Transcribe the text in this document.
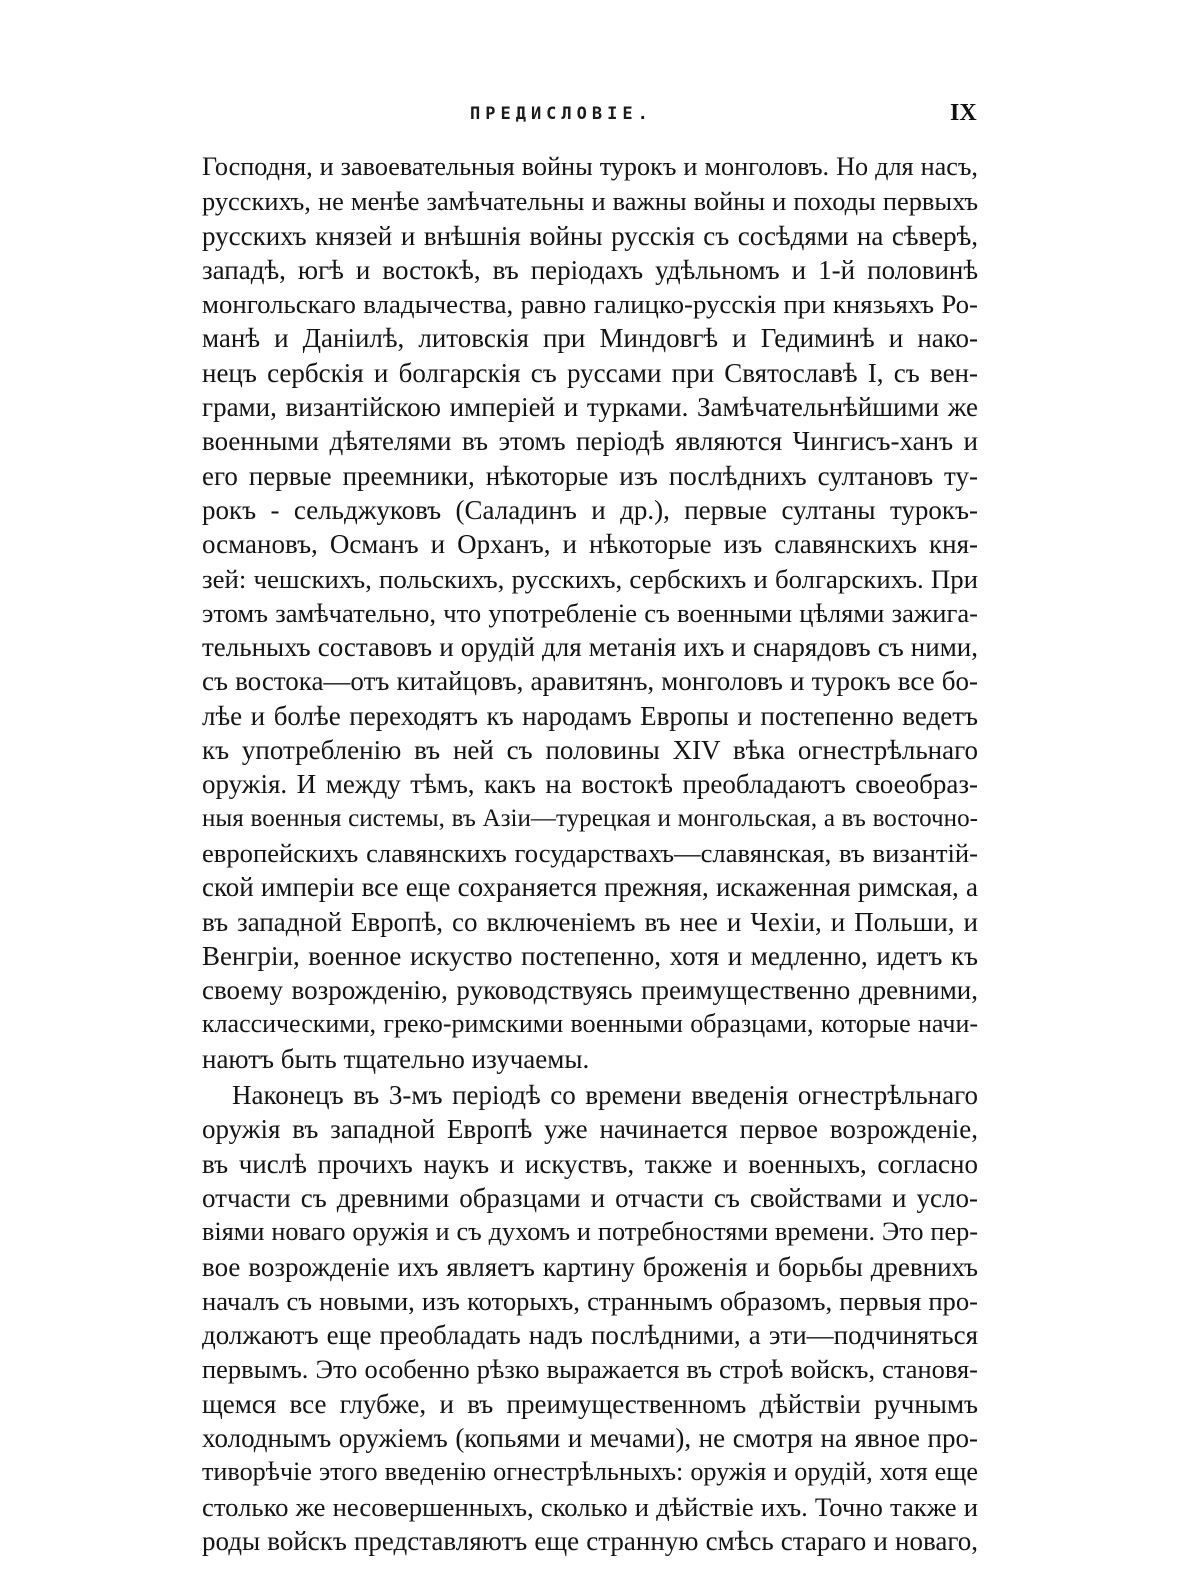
ПРЕДИСЛОВІЕ.	IX
Господня, и завоевательныя войны турокъ и монголовъ. Но для насъ,
русскихъ, не менѣе замѣчательны и важны войны и походы первыхъ
русскихъ князей и внѣшнія войны русскія съ сосѣдями на сѣверѣ,
западѣ, югѣ и востокѣ, въ періодахъ удѣльномъ и 1-й половинѣ
монгольскаго владычества, равно галицко-русскія при князьяхъ Ро-
манѣ и Даніилѣ, литовскія при Миндовгѣ и Гедиминѣ и нако-
нецъ сербскія и болгарскія съ руссами при Святославѣ I, съ вен-
грами, византійскою имперіей и турками. Замѣчательнѣйшими же
военными дѣятелями въ этомъ періодѣ являются Чингисъ-ханъ и
его первые преемники, нѣкоторые изъ послѣднихъ султановъ ту-
рокъ - сельджуковъ (Саладинъ и др.), первые султаны турокъ-
османовъ, Османъ и Орханъ, и нѣкоторые изъ славянскихъ кня-
зей: чешскихъ, польскихъ, русскихъ, сербскихъ и болгарскихъ. При
этомъ замѣчательно, что употребленіе съ военными цѣлями зажига-
тельныхъ составовъ и орудій для метанія ихъ и снарядовъ съ ними,
съ востока—отъ китайцовъ, аравитянъ, монголовъ и турокъ все бо-
лѣе и болѣе переходятъ къ народамъ Европы и постепенно ведетъ
къ употребленію въ ней съ половины XIV вѣка огнестрѣльнаго
оружія. И между тѣмъ, какъ на востокѣ преобладаютъ своеобраз-
ныя военныя системы, въ Азіи—турецкая и монгольская, а въ восточно-
европейскихъ славянскихъ государствахъ—славянская, въ византій-
ской имперіи все еще сохраняется прежняя, искаженная римская, а
въ западной Европѣ, со включеніемъ въ нее и Чехіи, и Польши, и
Венгріи, военное искуство постепенно, хотя и медленно, идетъ къ
своему возрожденію, руководствуясь преимущественно древними,
классическими, греко-римскими военными образцами, которые начи-
наютъ быть тщательно изучаемы.
Наконецъ въ 3-мъ періодѣ со времени введенія огнестрѣльнаго
оружія въ западной Европѣ уже начинается первое возрожденіе,
въ числѣ прочихъ наукъ и искуствъ, также и военныхъ, согласно
отчасти съ древними образцами и отчасти съ свойствами и усло-
віями новаго оружія и съ духомъ и потребностями времени. Это пер-
вое возрожденіе ихъ являетъ картину броженія и борьбы древнихъ
началъ съ новыми, изъ которыхъ, страннымъ образомъ, первыя про-
должаютъ еще преобладать надъ послѣдними, а эти—подчиняться
первымъ. Это особенно рѣзко выражается въ строѣ войскъ, становя-
щемся все глубже, и въ преимущественномъ дѣйствіи ручнымъ
холоднымъ оружіемъ (копьями и мечами), не смотря на явное про-
тиворѣчіе этого введенію огнестрѣльныхъ: оружія и орудій, хотя еще
столько же несовершенныхъ, сколько и дѣйствіе ихъ. Точно также и
роды войскъ представляютъ еще странную смѣсь стараго и новаго,
